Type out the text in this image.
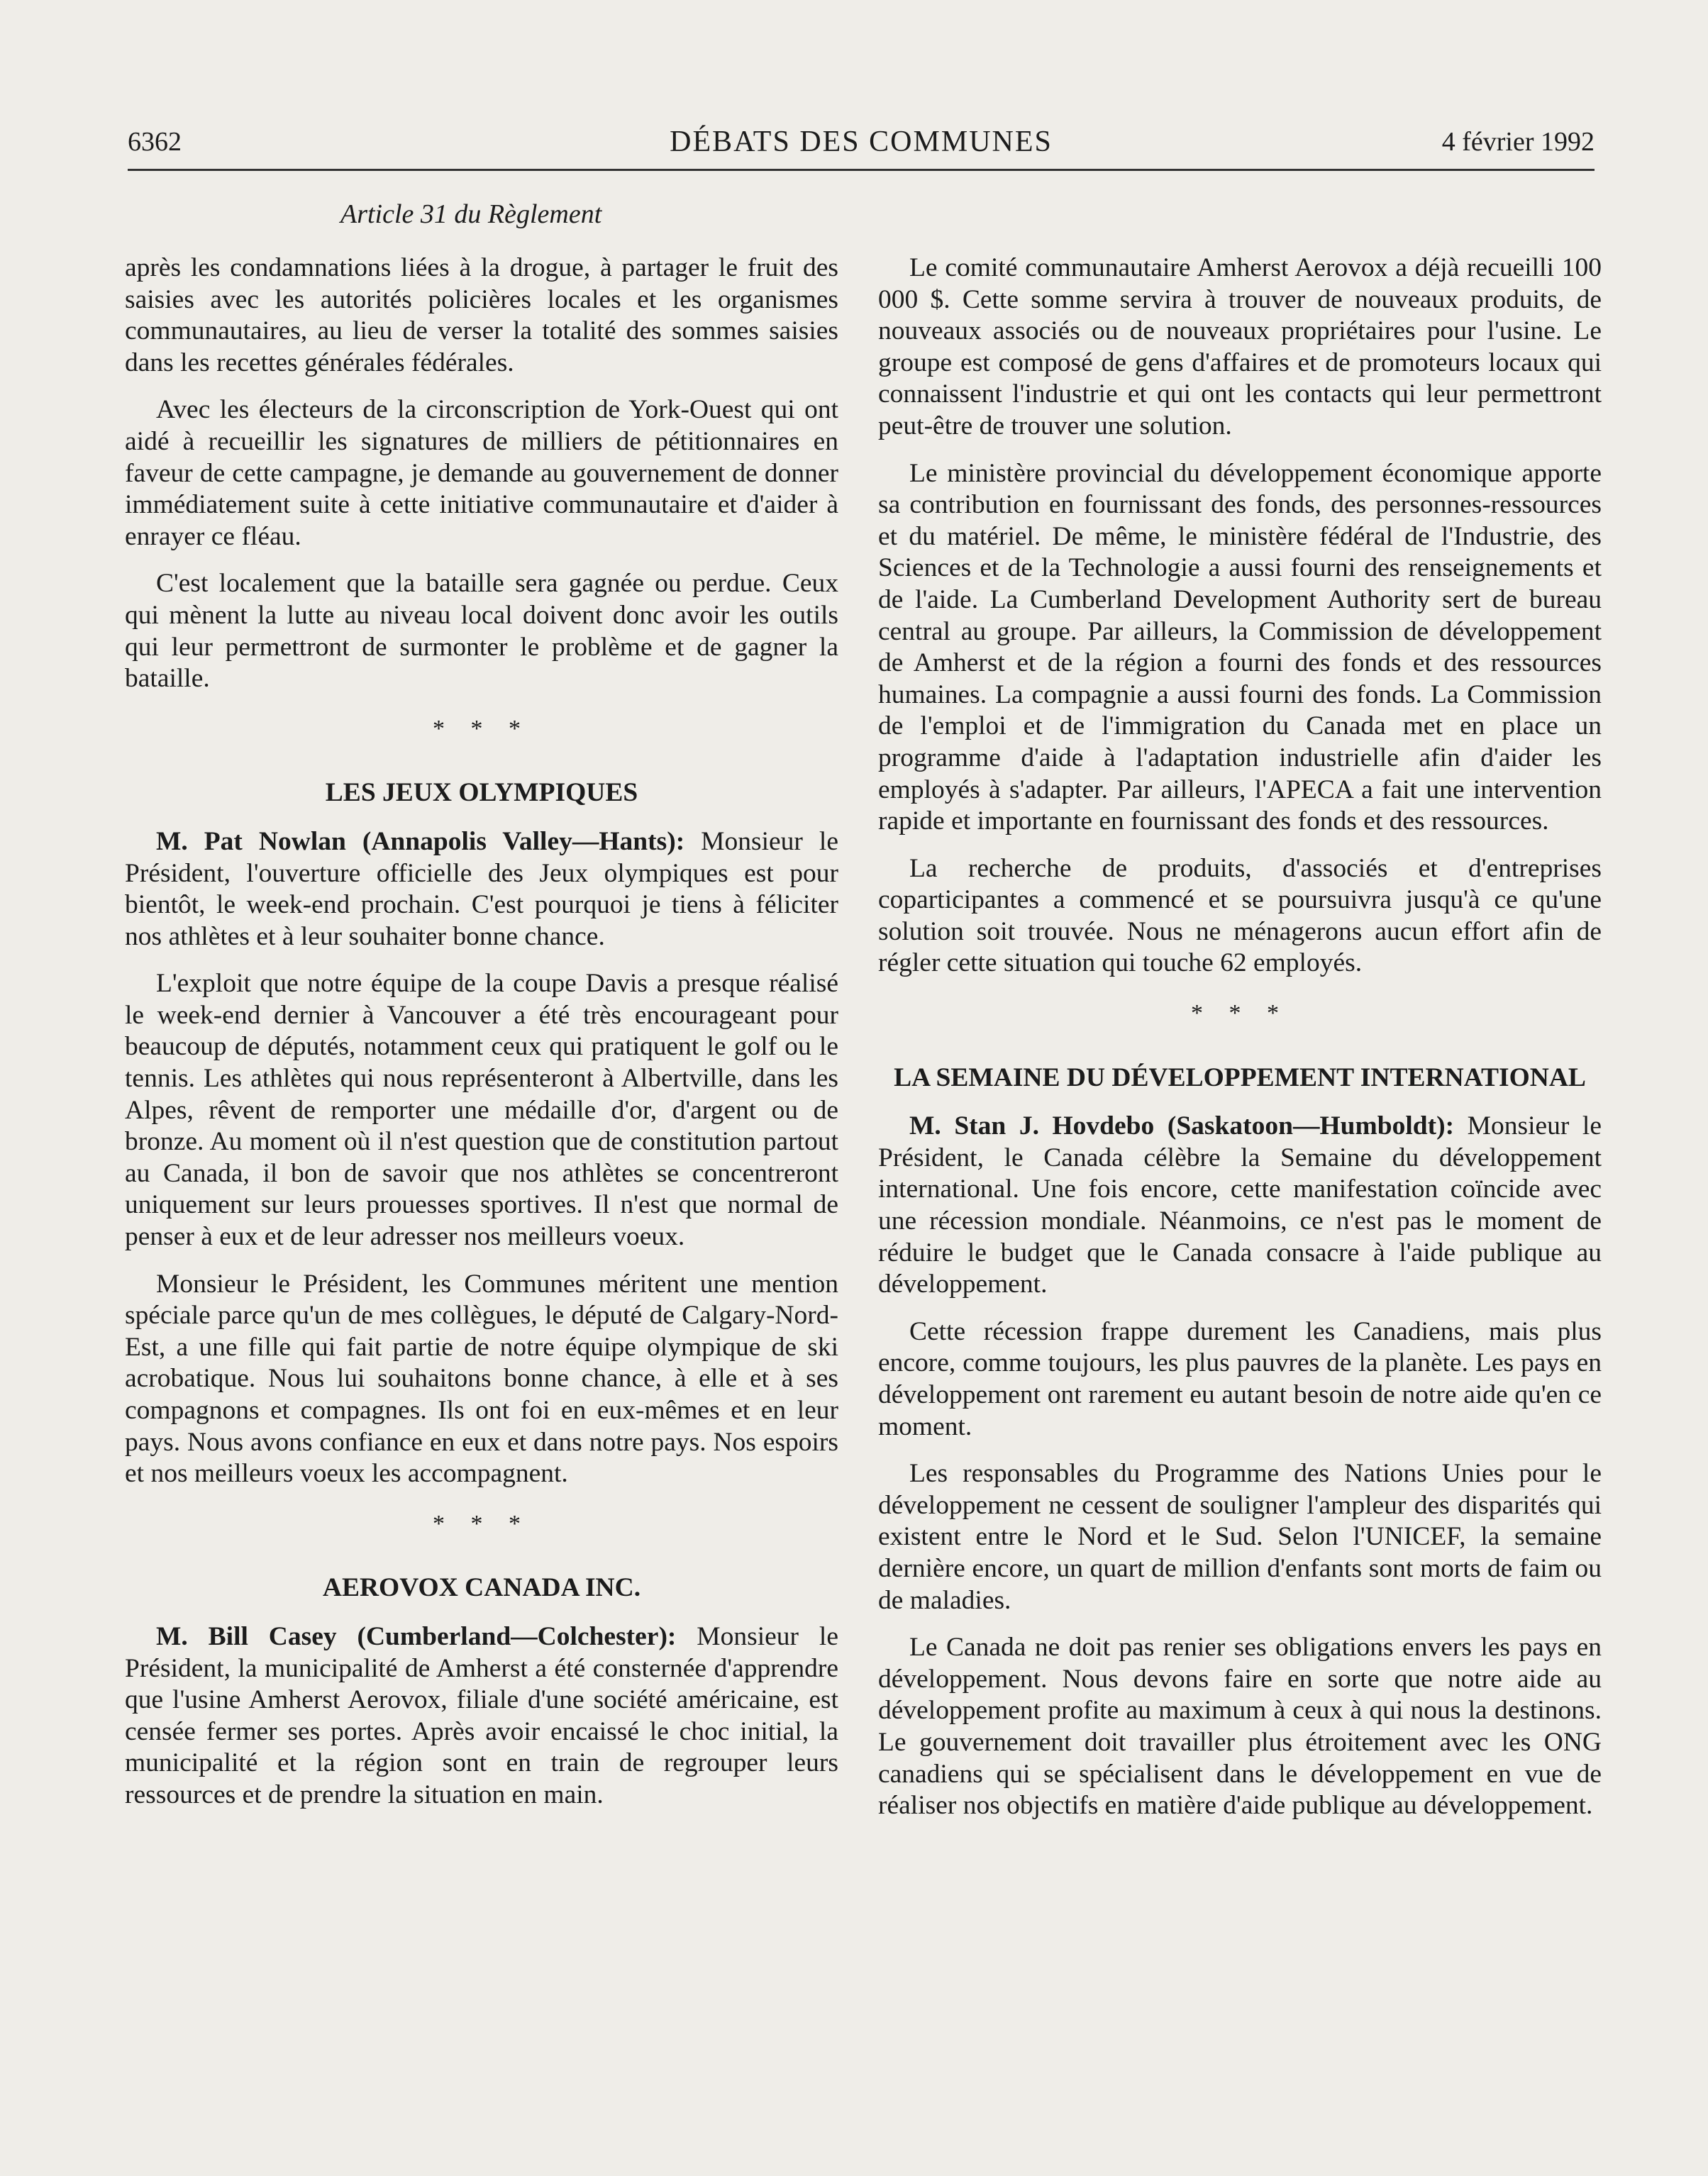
6362	DÉBATS DES COMMUNES	4 février 1992
Article 31 du Règlement

après les condamnations liées à la drogue, à partager le fruit des saisies avec les autorités policières locales et les organismes communautaires, au lieu de verser la totalité des sommes saisies dans les recettes générales fédérales.

Avec les électeurs de la circonscription de York-Ouest qui ont aidé à recueillir les signatures de milliers de pétitionnaires en faveur de cette campagne, je demande au gouvernement de donner immédiatement suite à cette initiative communautaire et d'aider à enrayer ce fléau.

C'est localement que la bataille sera gagnée ou perdue. Ceux qui mènent la lutte au niveau local doivent donc avoir les outils qui leur permettront de surmonter le problème et de gagner la bataille.

* * *
LES JEUX OLYMPIQUES

M. Pat Nowlan (Annapolis Valley—Hants): Monsieur le Président, l'ouverture officielle des Jeux olympiques est pour bientôt, le week-end prochain. C'est pourquoi je tiens à féliciter nos athlètes et à leur souhaiter bonne chance.

L'exploit que notre équipe de la coupe Davis a presque réalisé le week-end dernier à Vancouver a été très encourageant pour beaucoup de députés, notamment ceux qui pratiquent le golf ou le tennis. Les athlètes qui nous représenteront à Albertville, dans les Alpes, rêvent de remporter une médaille d'or, d'argent ou de bronze. Au moment où il n'est question que de constitution partout au Canada, il bon de savoir que nos athlètes se concentreront uniquement sur leurs prouesses sportives. Il n'est que normal de penser à eux et de leur adresser nos meilleurs voeux.

Monsieur le Président, les Communes méritent une mention spéciale parce qu'un de mes collègues, le député de Calgary-Nord-Est, a une fille qui fait partie de notre équipe olympique de ski acrobatique. Nous lui souhaitons bonne chance, à elle et à ses compagnons et compagnes. Ils ont foi en eux-mêmes et en leur pays. Nous avons confiance en eux et dans notre pays. Nos espoirs et nos meilleurs voeux les accompagnent.

* * *
AEROVOX CANADA INC.

M. Bill Casey (Cumberland—Colchester): Monsieur le Président, la municipalité de Amherst a été consternée d'apprendre que l'usine Amherst Aerovox, filiale d'une société américaine, est censée fermer ses portes. Après avoir encaissé le choc initial, la municipalité et la région sont en train de regrouper leurs ressources et de prendre la situation en main.

Le comité communautaire Amherst Aerovox a déjà recueilli 100 000 $. Cette somme servira à trouver de nouveaux produits, de nouveaux associés ou de nouveaux propriétaires pour l'usine. Le groupe est composé de gens d'affaires et de promoteurs locaux qui connaissent l'industrie et qui ont les contacts qui leur permettront peut-être de trouver une solution.

Le ministère provincial du développement économique apporte sa contribution en fournissant des fonds, des personnes-ressources et du matériel. De même, le ministère fédéral de l'Industrie, des Sciences et de la Technologie a aussi fourni des renseignements et de l'aide. La Cumberland Development Authority sert de bureau central au groupe. Par ailleurs, la Commission de développement de Amherst et de la région a fourni des fonds et des ressources humaines. La compagnie a aussi fourni des fonds. La Commission de l'emploi et de l'immigration du Canada met en place un programme d'aide à l'adaptation industrielle afin d'aider les employés à s'adapter. Par ailleurs, l'APECA a fait une intervention rapide et importante en fournissant des fonds et des ressources.

La recherche de produits, d'associés et d'entreprises coparticipantes a commencé et se poursuivra jusqu'à ce qu'une solution soit trouvée. Nous ne ménagerons aucun effort afin de régler cette situation qui touche 62 employés.

* * *
LA SEMAINE DU DÉVELOPPEMENT INTERNATIONAL

M. Stan J. Hovdebo (Saskatoon—Humboldt): Monsieur le Président, le Canada célèbre la Semaine du développement international. Une fois encore, cette manifestation coïncide avec une récession mondiale. Néanmoins, ce n'est pas le moment de réduire le budget que le Canada consacre à l'aide publique au développement.

Cette récession frappe durement les Canadiens, mais plus encore, comme toujours, les plus pauvres de la planète. Les pays en développement ont rarement eu autant besoin de notre aide qu'en ce moment.

Les responsables du Programme des Nations Unies pour le développement ne cessent de souligner l'ampleur des disparités qui existent entre le Nord et le Sud. Selon l'UNICEF, la semaine dernière encore, un quart de million d'enfants sont morts de faim ou de maladies.

Le Canada ne doit pas renier ses obligations envers les pays en développement. Nous devons faire en sorte que notre aide au développement profite au maximum à ceux à qui nous la destinons. Le gouvernement doit travailler plus étroitement avec les ONG canadiens qui se spécialisent dans le développement en vue de réaliser nos objectifs en matière d'aide publique au développement.
